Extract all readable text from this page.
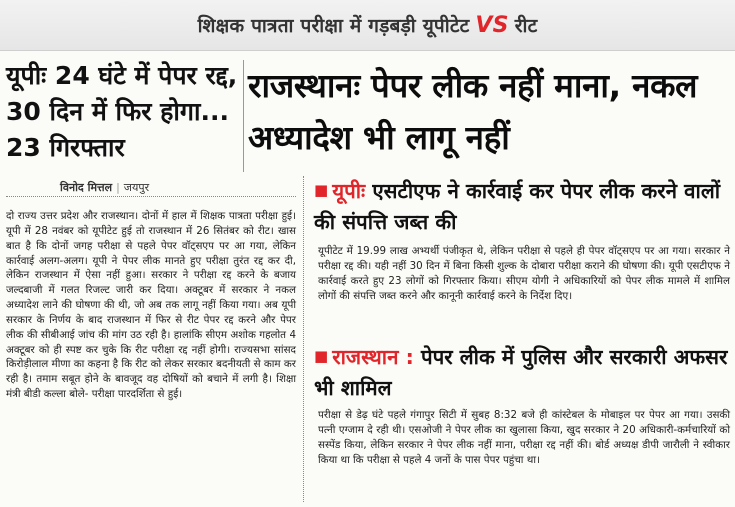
शिक्षक पात्रता परीक्षा में गड़बड़ी यूपीटेट VS रीट
यूपीः 24 घंटे में पेपर रद्द, 30 दिन में फिर होगा... 23 गिरफ्तार
राजस्थानः पेपर लीक नहीं माना, नकल अध्यादेश भी लागू नहीं
विनोद मित्तल | जयपुर
दो राज्य उत्तर प्रदेश और राजस्थान। दोनों में हाल में शिक्षक पात्रता परीक्षा हुई। यूपी में 28 नवंबर को यूपीटेट हुई तो राजस्थान में 26 सितंबर को रीट। खास बात है कि दोनों जगह परीक्षा से पहले पेपर वॉट्सएप पर आ गया, लेकिन कार्रवाई अलग-अलग। यूपी ने पेपर लीक मानते हुए परीक्षा तुरंत रद्द कर दी, लेकिन राजस्थान में ऐसा नहीं हुआ। सरकार ने परीक्षा रद्द करने के बजाय जल्दबाजी में गलत रिजल्ट जारी कर दिया। अक्टूबर में सरकार ने नकल अध्यादेश लाने की घोषणा की थी, जो अब तक लागू नहीं किया गया। अब यूपी सरकार के निर्णय के बाद राजस्थान में फिर से रीट पेपर रद्द करने और पेपर लीक की सीबीआई जांच की मांग उठ रही है। हालांकि सीएम अशोक गहलोत 4 अक्टूबर को ही स्पष्ट कर चुके कि रीट परीक्षा रद्द नहीं होगी। राज्यसभा सांसद किरोड़ीलाल मीणा का कहना है कि रीट को लेकर सरकार बदनीयती से काम कर रही है। तमाम सबूत होने के बावजूद वह दोषियों को बचाने में लगी है। शिक्षा मंत्री बीडी कल्ला बोले- परीक्षा पारदर्शिता से हुई।
■ यूपीः एसटीएफ ने कार्रवाई कर पेपर लीक करने वालों की संपत्ति जब्त की
यूपीटेट में 19.99 लाख अभ्यर्थी पंजीकृत थे, लेकिन परीक्षा से पहले ही पेपर वॉट्सएप पर आ गया। सरकार ने परीक्षा रद्द की। यही नहीं 30 दिन में बिना किसी शुल्क के दोबारा परीक्षा कराने की घोषणा की। यूपी एसटीएफ ने कार्रवाई करते हुए 23 लोगों को गिरफ्तार किया। सीएम योगी ने अधिकारियों को पेपर लीक मामले में शामिल लोगों की संपत्ति जब्त करने और कानूनी कार्रवाई करने के निर्देश दिए।
■ राजस्थान : पेपर लीक में पुलिस और सरकारी अफसर भी शामिल
परीक्षा से डेढ़ घंटे पहले गंगापुर सिटी में सुबह 8:32 बजे ही कांस्टेबल के मोबाइल पर पेपर आ गया। उसकी पत्नी एग्जाम दे रही थी। एसओजी ने पेपर लीक का खुलासा किया, खुद सरकार ने 20 अधिकारी-कर्मचारियों को सस्पेंड किया, लेकिन सरकार ने पेपर लीक नहीं माना, परीक्षा रद्द नहीं की। बोर्ड अध्यक्ष डीपी जारौली ने स्वीकार किया था कि परीक्षा से पहले 4 जनों के पास पेपर पहुंचा था।
